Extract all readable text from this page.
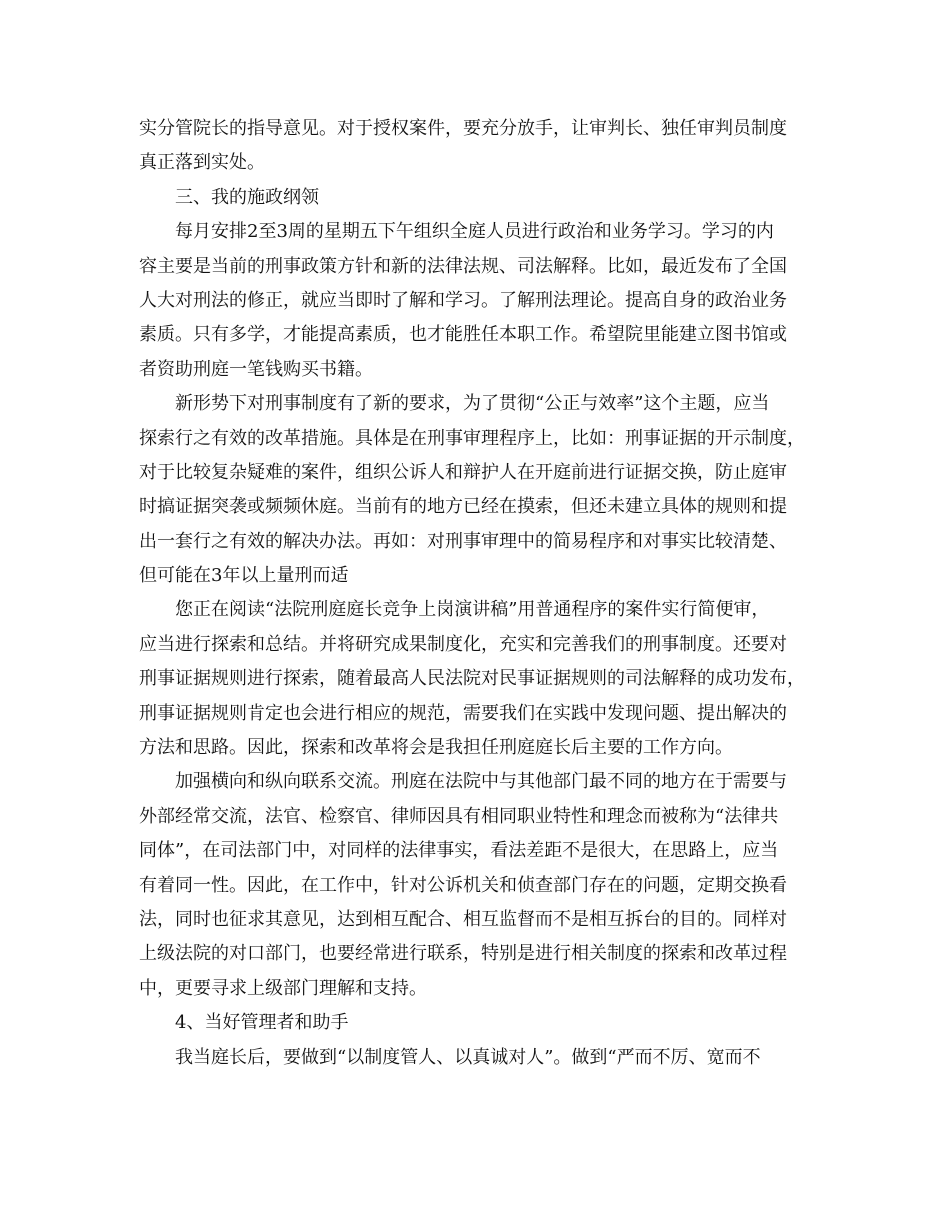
实分管院长的指导意见。对于授权案件，要充分放手，让审判长、独任审判员制度
真正落到实处。
三、我的施政纲领
每月安排2至3周的星期五下午组织全庭人员进行政治和业务学习。学习的内
容主要是当前的刑事政策方针和新的法律法规、司法解释。比如，最近发布了全国
人大对刑法的修正，就应当即时了解和学习。了解刑法理论。提高自身的政治业务
素质。只有多学，才能提高素质，也才能胜任本职工作。希望院里能建立图书馆或
者资助刑庭一笔钱购买书籍。
新形势下对刑事制度有了新的要求，为了贯彻“公正与效率”这个主题，应当
探索行之有效的改革措施。具体是在刑事审理程序上，比如：刑事证据的开示制度，
对于比较复杂疑难的案件，组织公诉人和辩护人在开庭前进行证据交换，防止庭审
时搞证据突袭或频频休庭。当前有的地方已经在摸索，但还未建立具体的规则和提
出一套行之有效的解决办法。再如：对刑事审理中的简易程序和对事实比较清楚、
但可能在3年以上量刑而适
您正在阅读“法院刑庭庭长竞争上岗演讲稿”用普通程序的案件实行简便审，
应当进行探索和总结。并将研究成果制度化，充实和完善我们的刑事制度。还要对
刑事证据规则进行探索，随着最高人民法院对民事证据规则的司法解释的成功发布，
刑事证据规则肯定也会进行相应的规范，需要我们在实践中发现问题、提出解决的
方法和思路。因此，探索和改革将会是我担任刑庭庭长后主要的工作方向。
加强横向和纵向联系交流。刑庭在法院中与其他部门最不同的地方在于需要与
外部经常交流，法官、检察官、律师因具有相同职业特性和理念而被称为“法律共
同体”，在司法部门中，对同样的法律事实，看法差距不是很大，在思路上，应当
有着同一性。因此，在工作中，针对公诉机关和侦查部门存在的问题，定期交换看
法，同时也征求其意见，达到相互配合、相互监督而不是相互拆台的目的。同样对
上级法院的对口部门，也要经常进行联系，特别是进行相关制度的探索和改革过程
中，更要寻求上级部门理解和支持。
4、当好管理者和助手
我当庭长后，要做到“以制度管人、以真诚对人”。做到“严而不厉、宽而不
